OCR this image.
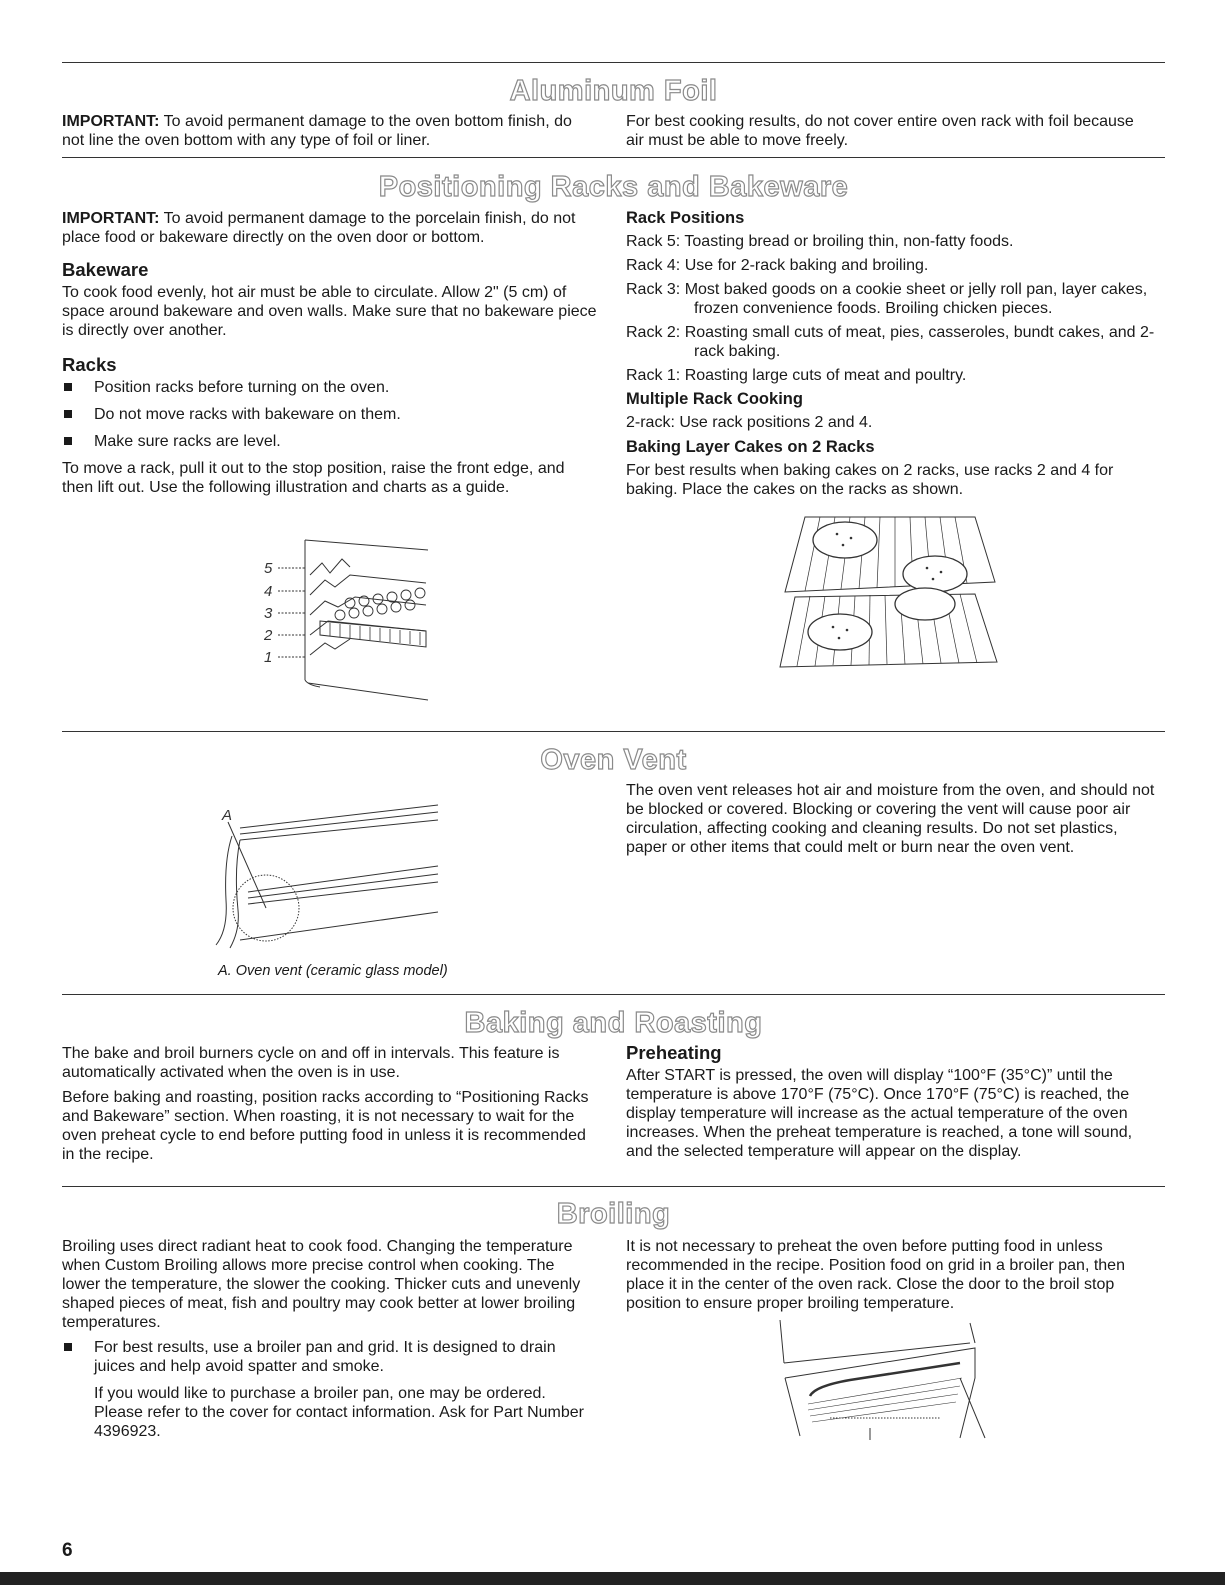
Aluminum Foil

IMPORTANT: To avoid permanent damage to the oven bottom finish, do not line the oven bottom with any type of foil or liner.

For best cooking results, do not cover entire oven rack with foil because air must be able to move freely.

Positioning Racks and Bakeware

IMPORTANT: To avoid permanent damage to the porcelain finish, do not place food or bakeware directly on the oven door or bottom.

Bakeware

To cook food evenly, hot air must be able to circulate. Allow 2" (5 cm) of space around bakeware and oven walls. Make sure that no bakeware piece is directly over another.

Racks
Position racks before turning on the oven.
Do not move racks with bakeware on them.
Make sure racks are level.

To move a rack, pull it out to the stop position, raise the front edge, and then lift out. Use the following illustration and charts as a guide.

5
4
3
2
1
Rack Positions

Rack 5: Toasting bread or broiling thin, non-fatty foods.

Rack 4: Use for 2-rack baking and broiling.

Rack 3: Most baked goods on a cookie sheet or jelly roll pan, layer cakes, frozen convenience foods. Broiling chicken pieces.

Rack 2: Roasting small cuts of meat, pies, casseroles, bundt cakes, and 2-rack baking.

Rack 1: Roasting large cuts of meat and poultry.

Multiple Rack Cooking

2-rack: Use rack positions 2 and 4.

Baking Layer Cakes on 2 Racks

For best results when baking cakes on 2 racks, use racks 2 and 4 for baking. Place the cakes on the racks as shown.

Oven Vent
A
A. Oven vent (ceramic glass model)

The oven vent releases hot air and moisture from the oven, and should not be blocked or covered. Blocking or covering the vent will cause poor air circulation, affecting cooking and cleaning results. Do not set plastics, paper or other items that could melt or burn near the oven vent.

Baking and Roasting

The bake and broil burners cycle on and off in intervals. This feature is automatically activated when the oven is in use.

Before baking and roasting, position racks according to “Positioning Racks and Bakeware” section. When roasting, it is not necessary to wait for the oven preheat cycle to end before putting food in unless it is recommended in the recipe.

Preheating

After START is pressed, the oven will display “100°F (35°C)” until the temperature is above 170°F (75°C). Once 170°F (75°C) is reached, the display temperature will increase as the actual temperature of the oven increases. When the preheat temperature is reached, a tone will sound, and the selected temperature will appear on the display.

Broiling

Broiling uses direct radiant heat to cook food. Changing the temperature when Custom Broiling allows more precise control when cooking. The lower the temperature, the slower the cooking. Thicker cuts and unevenly shaped pieces of meat, fish and poultry may cook better at lower broiling temperatures.

For best results, use a broiler pan and grid. It is designed to drain juices and help avoid spatter and smoke.

If you would like to purchase a broiler pan, one may be ordered. Please refer to the cover for contact information. Ask for Part Number 4396923.

It is not necessary to preheat the oven before putting food in unless recommended in the recipe. Position food on grid in a broiler pan, then place it in the center of the oven rack. Close the door to the broil stop position to ensure proper broiling temperature.

6
